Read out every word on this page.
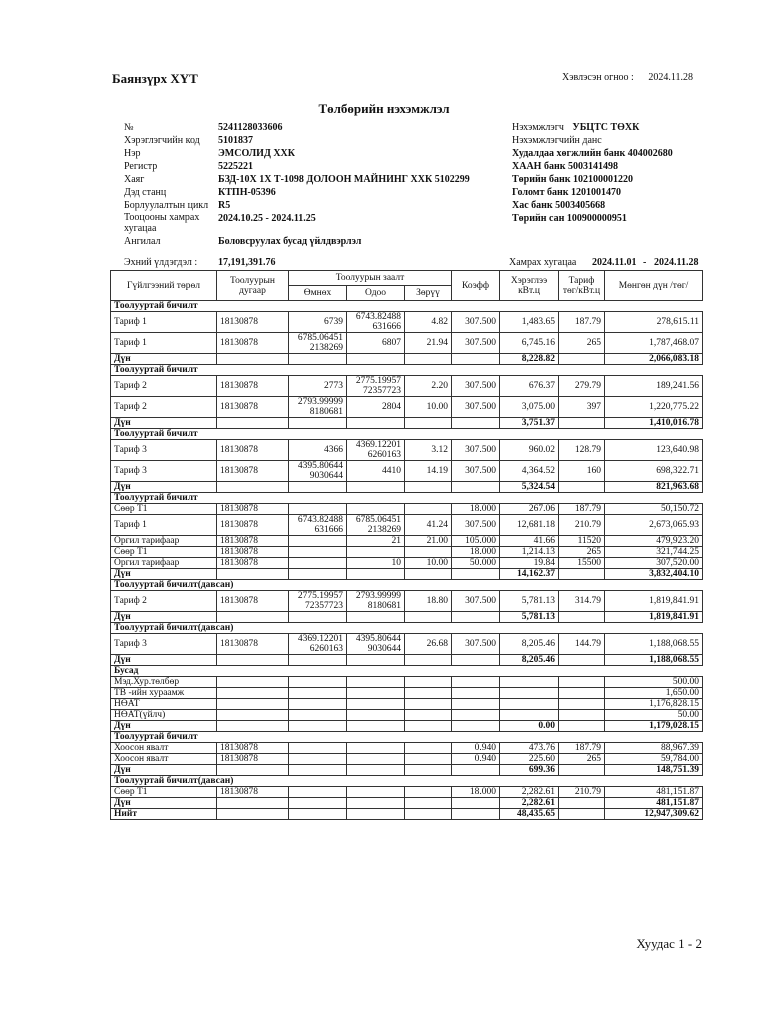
Баянзүрх ХҮТ	Хэвлэсэн огноо : 2024.11.28
Төлбөрийн нэхэмжлэл
№	5241128033606
Хэрэглэгчийн код 5101837
Нэр	ЭМСОЛИД ХХК
Регистр	5225221
Хаяг	БЗД-10Х 1Х Т-1098 ДОЛООН МАЙНИНГ ХХК 5102299
Дэд станц	КТПН-05396
Борлуулалтын цикл R5
Тооцооны хамрах хугацаа
2024.10.25 - 2024.11.25
Ангилал	Боловсруулах бусад үйлдвэрлэл
Нэхэмжлэгч УБЦТС ТӨХК
Нэхэмжлэгчийн данс
Худалдаа хөгжлийн банк 404002680
ХААН банк 5003141498
Төрийн банк 102100001220
Голомт банк 1201001470
Хас банк 5003405668
Төрийн сан 100900000951
Эхний үлдэгдэл : 17,191,391.76	Хамрах хугацаа 2024.11.01 - 2024.11.28
Гүйлгээний төрөл	Тоолуурын дугаар	Тоолуурын заалт			Коэфф	Хэрэглээ кВт.ц	Тариф төг/кВт.ц	Мөнгөн дүн /төг/
		Өмнөх	Одоо	Зөрүү				
Тоолууртай бичилт								
Тариф 1	18130878	6739	6743.82488 631666	4.82	307.500	1,483.65	187.79	278,615.11
Тариф 1	18130878	6785.06451 2138269	6807	21.94	307.500	6,745.16	265	1,787,468.07
Дүн						8,228.82		2,066,083.18
Тоолууртай бичилт								
Тариф 2	18130878	2773	2775.19957 72357723	2.20	307.500	676.37	279.79	189,241.56
Тариф 2	18130878	2793.99999 8180681	2804	10.00	307.500	3,075.00	397	1,220,775.22
Дүн						3,751.37		1,410,016.78
Тоолууртай бичилт								
Тариф 3	18130878	4366	4369.12201 6260163	3.12	307.500	960.02	128.79	123,640.98
Тариф 3	18130878	4395.80644 9030644	4410	14.19	307.500	4,364.52	160	698,322.71
Дүн						5,324.54		821,963.68
Тоолууртай бичилт								
Сөөр Т1	18130878				18.000	267.06	187.79	50,150.72
Тариф 1	18130878	6743.82488 631666	6785.06451 2138269	41.24	307.500	12,681.18	210.79	2,673,065.93
Оргил тарифаар	18130878		21	21.00	105.000	41.66	11520	479,923.20
Сөөр Т1	18130878				18.000	1,214.13	265	321,744.25
Оргил тарифаар	18130878		10	10.00	50.000	19.84	15500	307,520.00
Дүн						14,162.37		3,832,404.10
Тоолууртай бичилт(давсан)								
Тариф 2	18130878	2775.19957 72357723	2793.99999 8180681	18.80	307.500	5,781.13	314.79	1,819,841.91
Дүн						5,781.13		1,819,841.91
Тоолууртай бичилт(давсан)								
Тариф 3	18130878	4369.12201 6260163	4395.80644 9030644	26.68	307.500	8,205.46	144.79	1,188,068.55
Дүн						8,205.46		1,188,068.55
Бусад								
Мэд.Хур.төлбөр								500.00
ТВ -ийн хураамж								1,650.00
НӨАТ								1,176,828.15
НӨАТ(үйлч)								50.00
Дүн						0.00		1,179,028.15
Тоолууртай бичилт								
Хоосон явалт	18130878				0.940	473.76	187.79	88,967.39
Хоосон явалт	18130878				0.940	225.60	265	59,784.00
Дүн						699.36		148,751.39
Тоолууртай бичилт(давсан)								
Сөөр Т1	18130878				18.000	2,282.61	210.79	481,151.87
Дүн						2,282.61		481,151.87
Нийт						48,435.65		12,947,309.62
Хуудас 1 - 2
